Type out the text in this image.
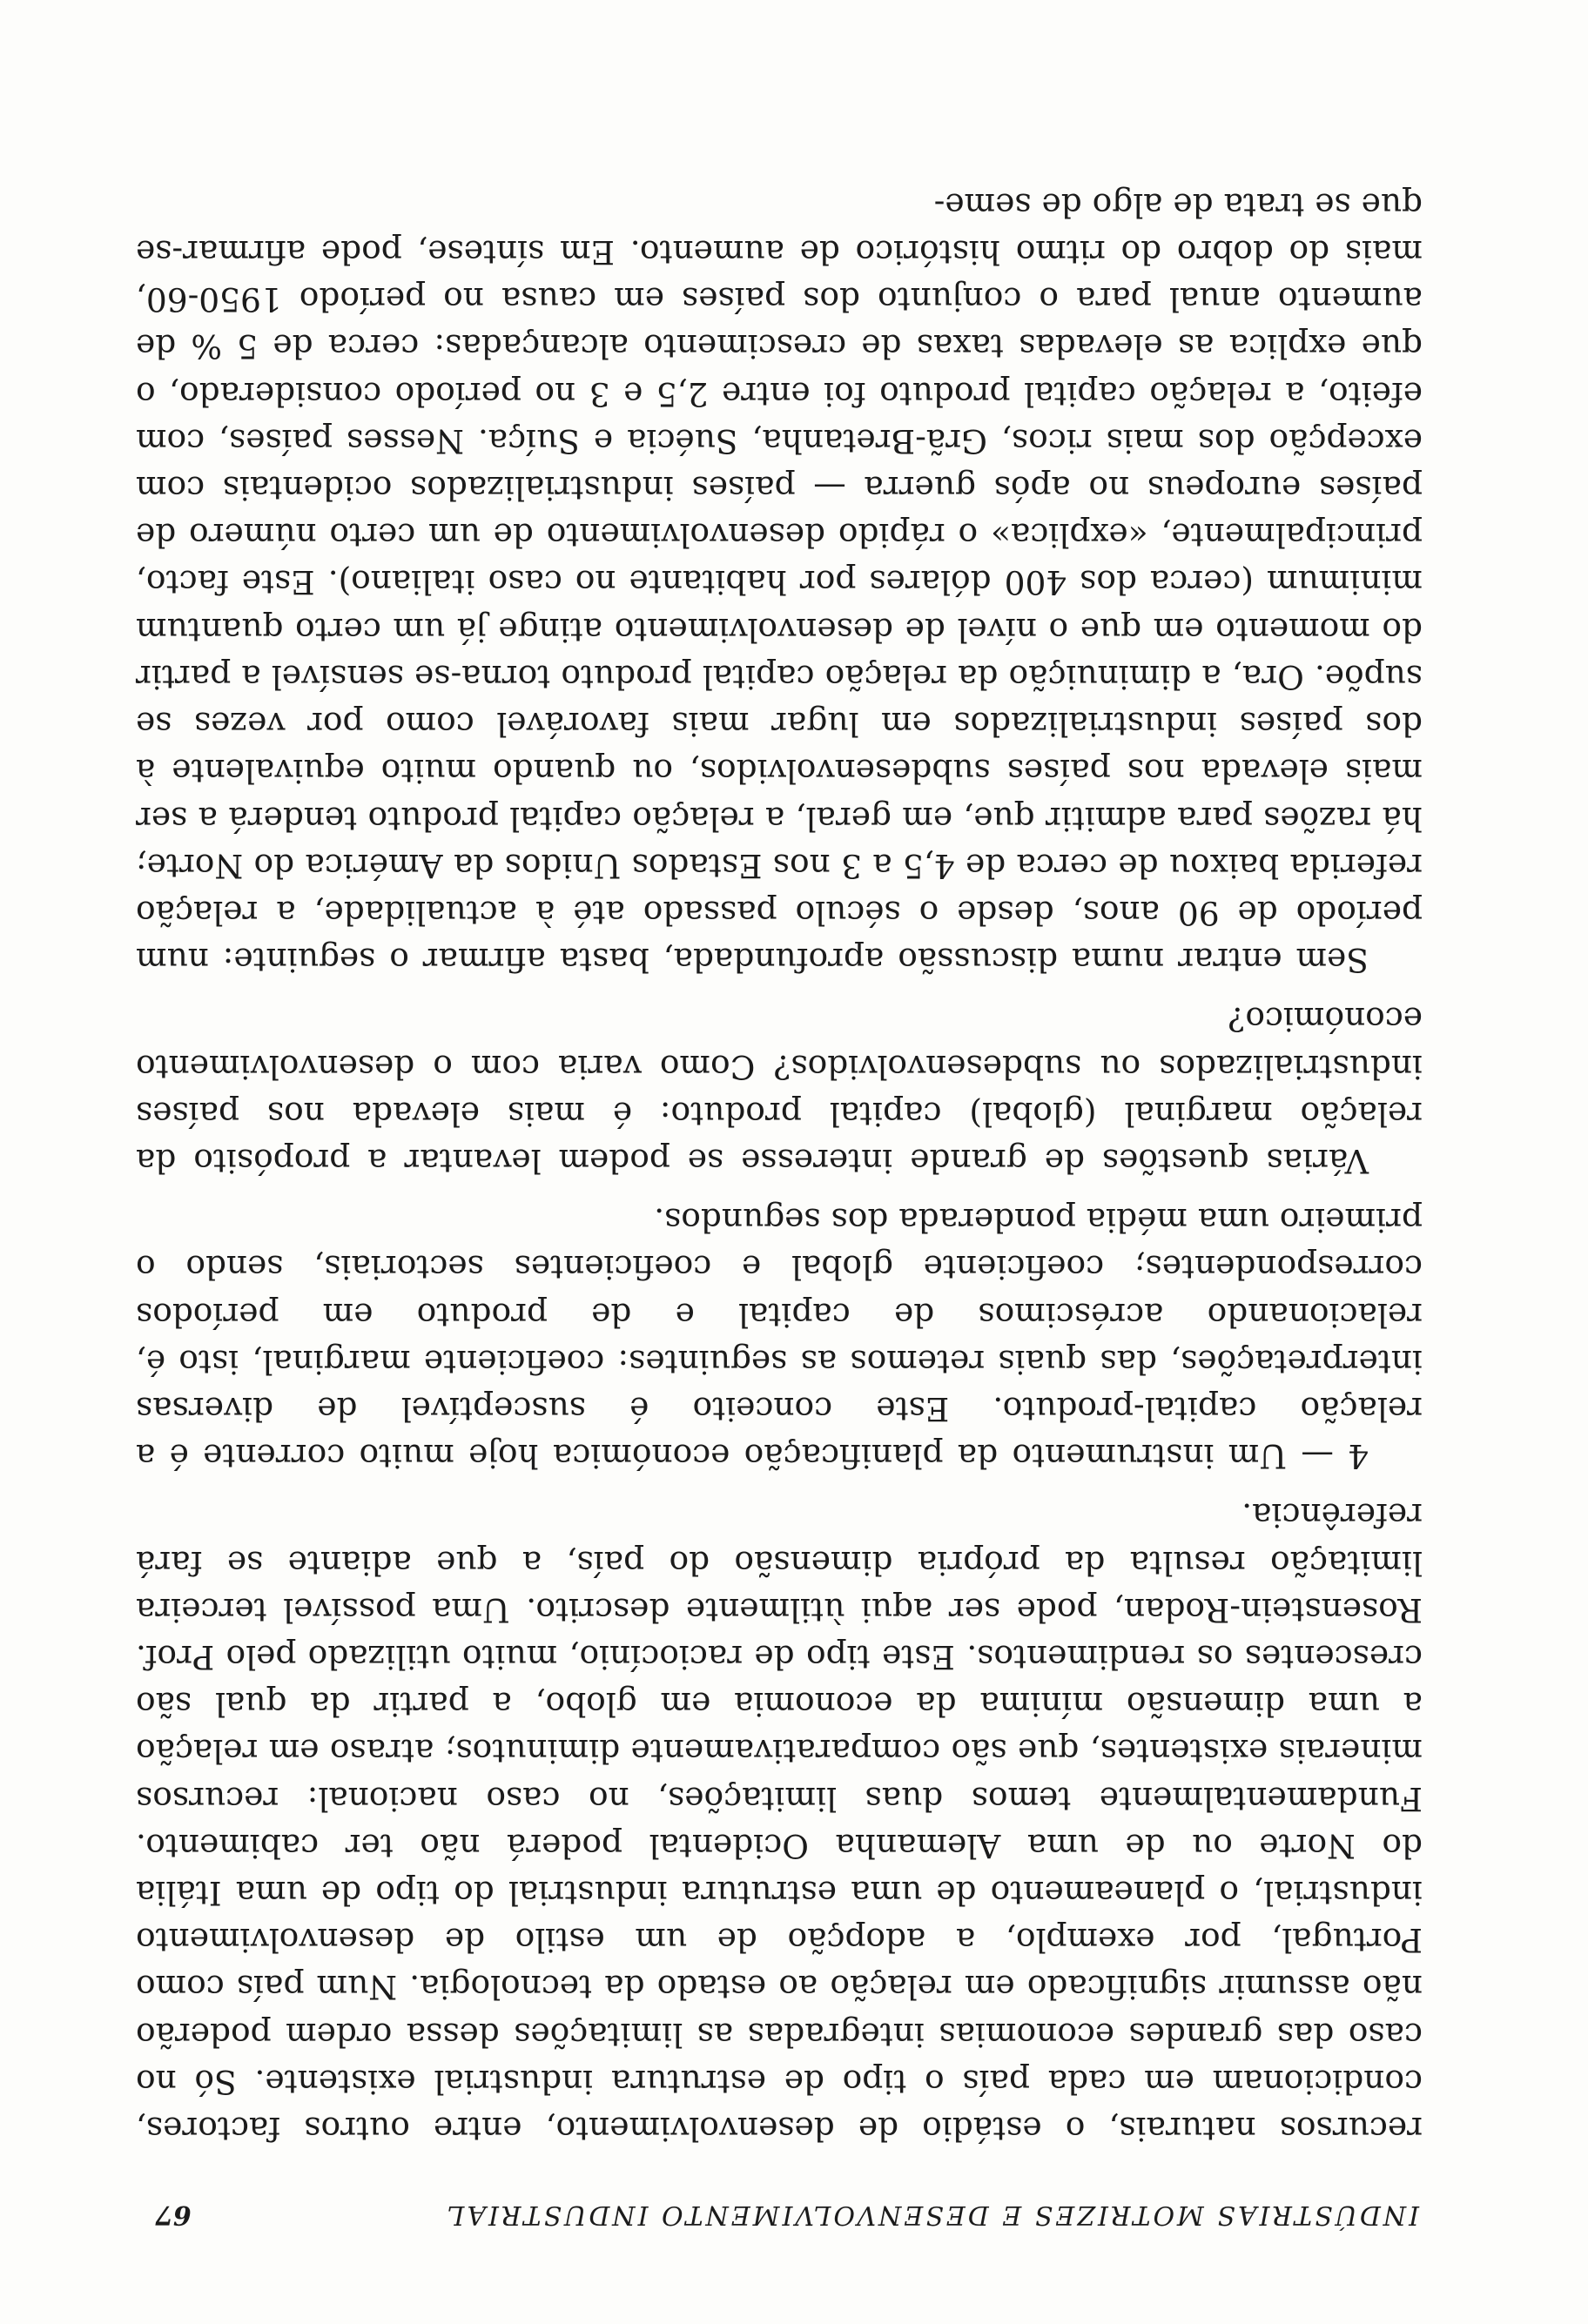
INDÚSTRIAS MOTRIZES E DESENVOLVIMENTO INDUSTRIAL
67

recursos naturais, o estádio de desenvolvimento, entre outros factores, condicionam em cada país o tipo de estrutura industrial existente. Só no caso das grandes economias integradas as limitações dessa ordem poderão não assumir significado em relação ao estado da tecnologia. Num país como Portugal, por exemplo, a adopção de um estilo de desenvolvimento industrial, o planeamento de uma estrutura industrial do tipo de uma Itália do Norte ou de uma Alemanha Ocidental poderá não ter cabimento. Fundamentalmente temos duas limitações, no caso nacional: recursos minerais existentes, que são comparativamente diminutos; atraso em relação a uma dimensão mínima da economia em globo, a partir da qual são crescentes os rendimentos. Este tipo de raciocínio, muito utilizado pelo Prof. Rosenstein-Rodan, pode ser aqui ùtilmente descrito. Uma possível terceira limitação resulta da própria dimensão do país, a que adiante se fará referência.

4 — Um instrumento da planificação económica hoje muito corrente é a relação capital-produto. Este conceito é susceptível de diversas interpretações, das quais retemos as seguintes: coeficiente marginal, isto é, relacionando acréscimos de capital e de produto em períodos correspondentes; coeficiente global e coeficientes sectoriais, sendo o primeiro uma média ponderada dos segundos.

Várias questões de grande interesse se podem levantar a propósito da relação marginal (global) capital produto: é mais elevada nos países industrializados ou subdesenvolvidos? Como varia com o desenvolvimento económico?

Sem entrar numa discussão aprofundada, basta afirmar o seguinte: num período de 90 anos, desde o século passado até à actualidade, a relação referida baixou de cerca de 4,5 a 3 nos Estados Unidos da América do Norte; há razões para admitir que, em geral, a relação capital produto tenderá a ser mais elevada nos países subdesenvolvidos, ou quando muito equivalente à dos países industrializados em lugar mais favorável como por vezes se supõe. Ora, a diminuição da relação capital produto torna-se sensível a partir do momento em que o nível de desenvolvimento atinge já um certo quantum minimum (cerca dos 400 dólares por habitante no caso italiano). Este facto, principalmente, «explica» o rápido desenvolvimento de um certo número de países europeus no após guerra — países industrializados ocidentais com excepção dos mais ricos, Grã-Bretanha, Suécia e Suíça. Nesses países, com efeito, a relação capital produto foi entre 2,5 e 3 no período considerado, o que explica as elevadas taxas de crescimento alcançadas: cerca de 5 % de aumento anual para o conjunto dos países em causa no período 1950-60, mais do dobro do ritmo histórico de aumento. Em síntese, pode afirmar-se que se trata de algo de seme-
